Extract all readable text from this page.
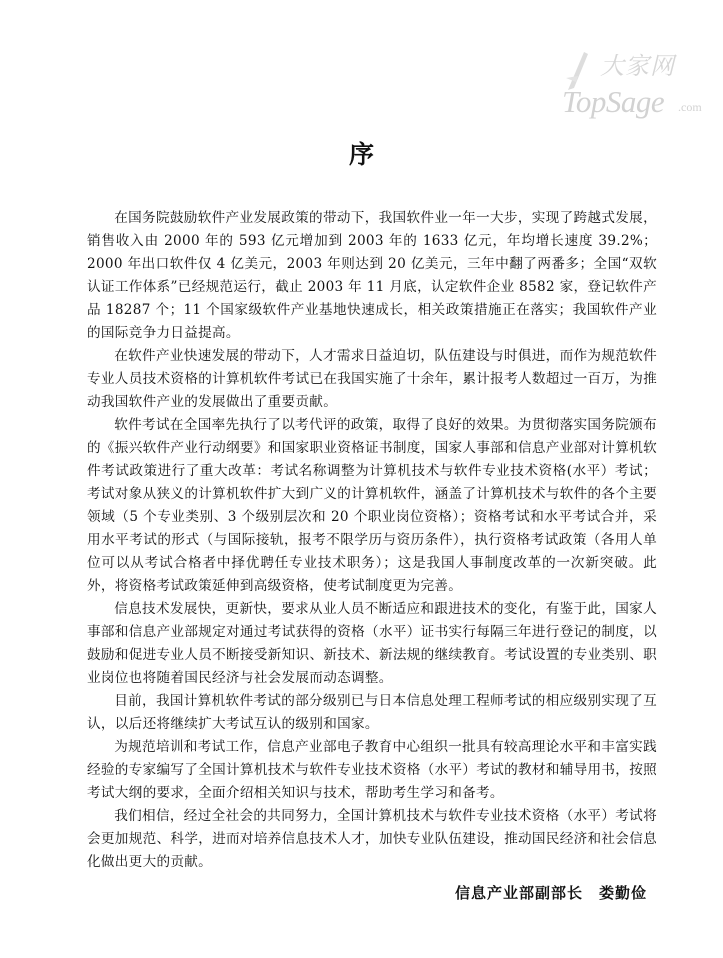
大家网
TopSage .com
序

在国务院鼓励软件产业发展政策的带动下，我国软件业一年一大步，实现了跨越式发展，销售收入由 2000 年的 593 亿元增加到 2003 年的 1633 亿元，年均增长速度 39.2%；2000 年出口软件仅 4 亿美元，2003 年则达到 20 亿美元，三年中翻了两番多；全国“双软认证工作体系”已经规范运行，截止 2003 年 11 月底，认定软件企业 8582 家，登记软件产品 18287 个；11 个国家级软件产业基地快速成长，相关政策措施正在落实；我国软件产业的国际竞争力日益提高。

在软件产业快速发展的带动下，人才需求日益迫切，队伍建设与时俱进，而作为规范软件专业人员技术资格的计算机软件考试已在我国实施了十余年，累计报考人数超过一百万，为推动我国软件产业的发展做出了重要贡献。

软件考试在全国率先执行了以考代评的政策，取得了良好的效果。为贯彻落实国务院颁布的《振兴软件产业行动纲要》和国家职业资格证书制度，国家人事部和信息产业部对计算机软件考试政策进行了重大改革：考试名称调整为计算机技术与软件专业技术资格(水平）考试；考试对象从狭义的计算机软件扩大到广义的计算机软件，涵盖了计算机技术与软件的各个主要领域（5 个专业类别、3 个级别层次和 20 个职业岗位资格）；资格考试和水平考试合并，采用水平考试的形式（与国际接轨，报考不限学历与资历条件），执行资格考试政策（各用人单位可以从考试合格者中择优聘任专业技术职务）；这是我国人事制度改革的一次新突破。此外，将资格考试政策延伸到高级资格，使考试制度更为完善。

信息技术发展快，更新快，要求从业人员不断适应和跟进技术的变化，有鉴于此，国家人事部和信息产业部规定对通过考试获得的资格（水平）证书实行每隔三年进行登记的制度，以鼓励和促进专业人员不断接受新知识、新技术、新法规的继续教育。考试设置的专业类别、职业岗位也将随着国民经济与社会发展而动态调整。

目前，我国计算机软件考试的部分级别已与日本信息处理工程师考试的相应级别实现了互认，以后还将继续扩大考试互认的级别和国家。

为规范培训和考试工作，信息产业部电子教育中心组织一批具有较高理论水平和丰富实践经验的专家编写了全国计算机技术与软件专业技术资格（水平）考试的教材和辅导用书，按照考试大纲的要求，全面介绍相关知识与技术，帮助考生学习和备考。

我们相信，经过全社会的共同努力，全国计算机技术与软件专业技术资格（水平）考试将会更加规范、科学，进而对培养信息技术人才，加快专业队伍建设，推动国民经济和社会信息化做出更大的贡献。

信息产业部副部长　娄勤俭
